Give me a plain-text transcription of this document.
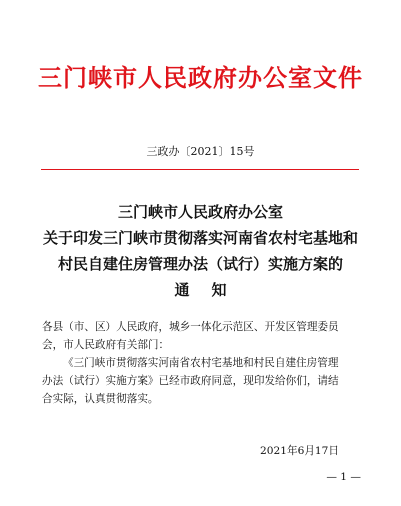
三门峡市人民政府办公室文件
三政办〔2021〕15号
三门峡市人民政府办公室
关于印发三门峡市贯彻落实河南省农村宅基地和
村民自建住房管理办法（试行）实施方案的
通知
各县（市、区）人民政府，城乡一体化示范区、开发区管理委员
会，市人民政府有关部门：
《三门峡市贯彻落实河南省农村宅基地和村民自建住房管理
办法（试行）实施方案》已经市政府同意，现印发给你们，请结
合实际，认真贯彻落实。
2021年6月17日
— 1 —
